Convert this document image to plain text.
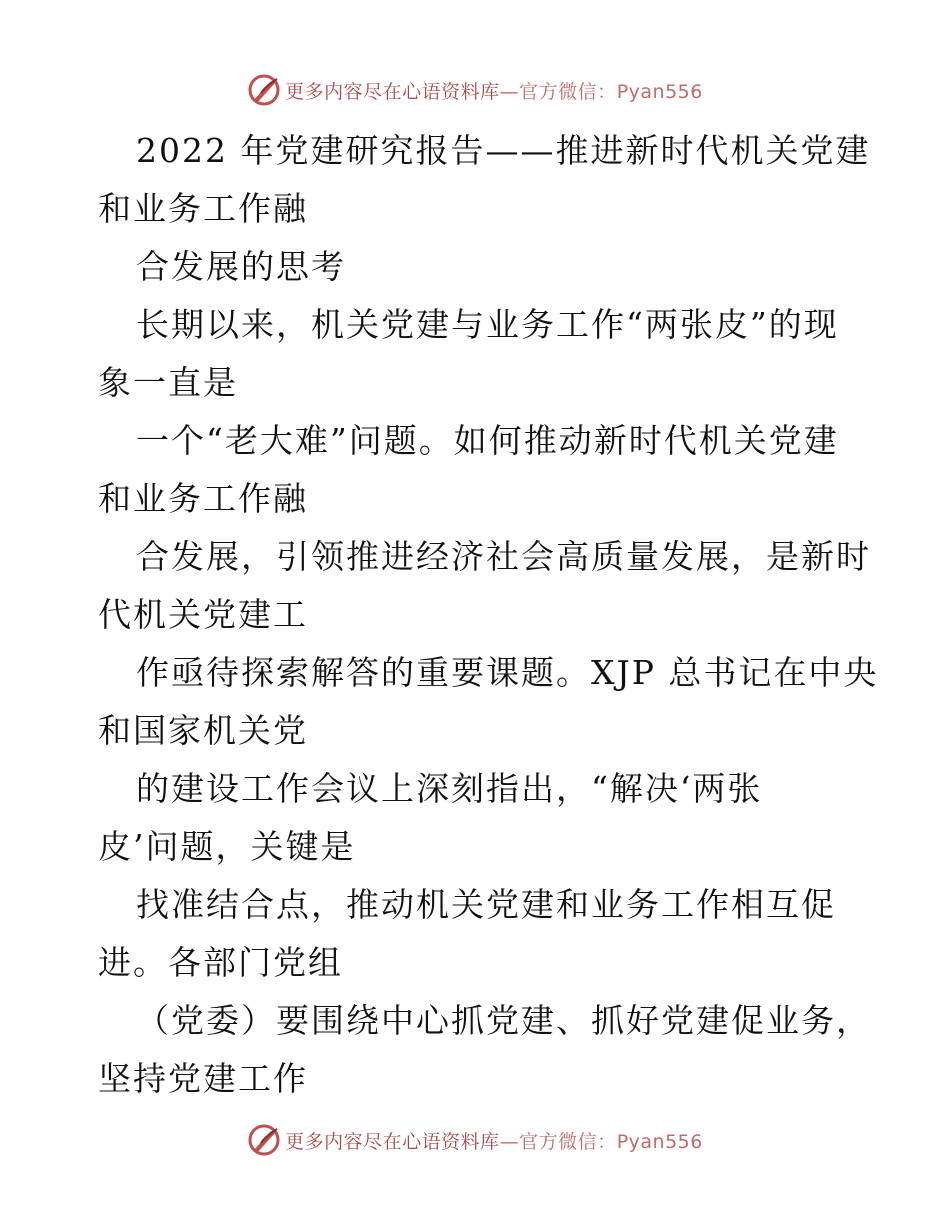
更多内容尽在心语资料库—官方微信：Pyan556
2022 年党建研究报告——推进新时代机关党建
和业务工作融
合发展的思考
长期以来，机关党建与业务工作“两张皮”的现
象一直是
一个“老大难”问题。如何推动新时代机关党建
和业务工作融
合发展，引领推进经济社会高质量发展，是新时
代机关党建工
作亟待探索解答的重要课题。XJP 总书记在中央
和国家机关党
的建设工作会议上深刻指出，“解决‘两张
皮’问题，关键是
找准结合点，推动机关党建和业务工作相互促
进。各部门党组
（党委）要围绕中心抓党建、抓好党建促业务，
坚持党建工作
更多内容尽在心语资料库—官方微信：Pyan556
